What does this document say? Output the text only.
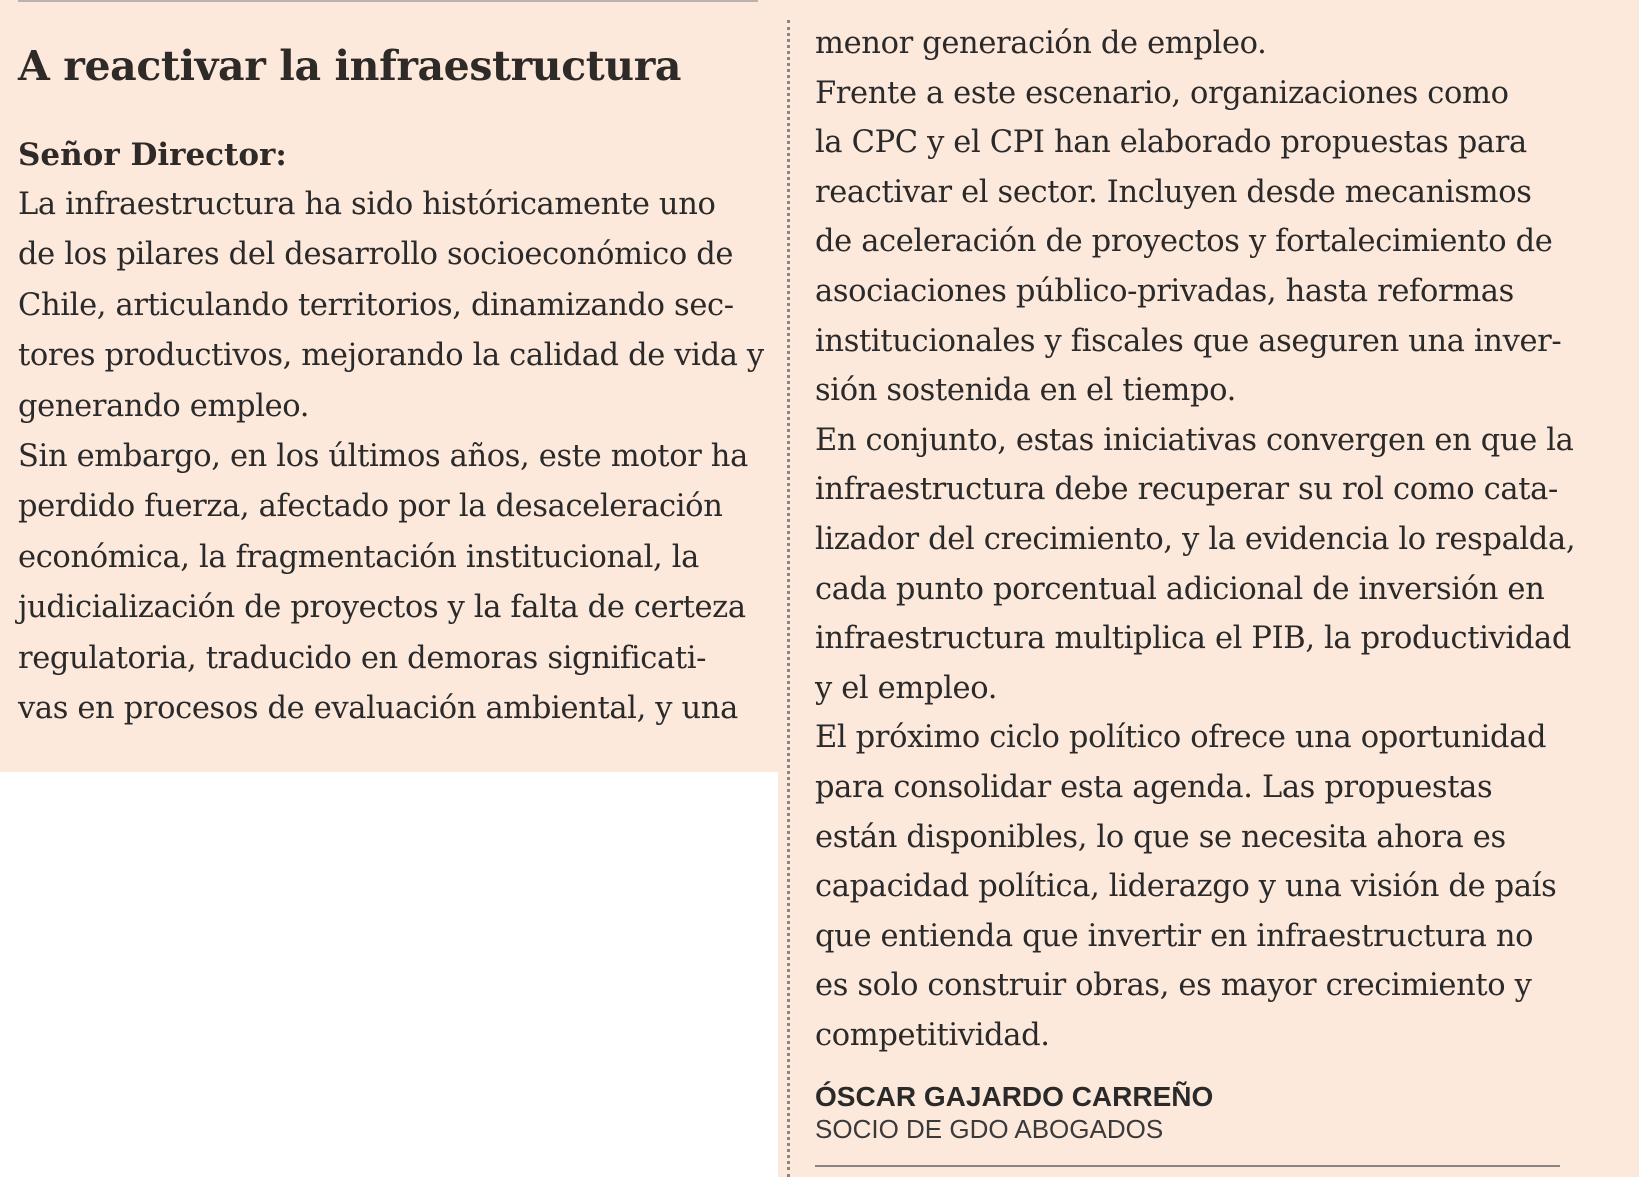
A reactivar la infraestructura
Señor Director:
La infraestructura ha sido históricamente uno
de los pilares del desarrollo socioeconómico de
Chile, articulando territorios, dinamizando sec-
tores productivos, mejorando la calidad de vida y
generando empleo.
Sin embargo, en los últimos años, este motor ha
perdido fuerza, afectado por la desaceleración
económica, la fragmentación institucional, la
judicialización de proyectos y la falta de certeza
regulatoria, traducido en demoras significati-
vas en procesos de evaluación ambiental, y una
menor generación de empleo.
Frente a este escenario, organizaciones como
la CPC y el CPI han elaborado propuestas para
reactivar el sector. Incluyen desde mecanismos
de aceleración de proyectos y fortalecimiento de
asociaciones público-privadas, hasta reformas
institucionales y fiscales que aseguren una inver-
sión sostenida en el tiempo.
En conjunto, estas iniciativas convergen en que la
infraestructura debe recuperar su rol como cata-
lizador del crecimiento, y la evidencia lo respalda,
cada punto porcentual adicional de inversión en
infraestructura multiplica el PIB, la productividad
y el empleo.
El próximo ciclo político ofrece una oportunidad
para consolidar esta agenda. Las propuestas
están disponibles, lo que se necesita ahora es
capacidad política, liderazgo y una visión de país
que entienda que invertir en infraestructura no
es solo construir obras, es mayor crecimiento y
competitividad.
ÓSCAR GAJARDO CARREÑO
SOCIO DE GDO ABOGADOS
